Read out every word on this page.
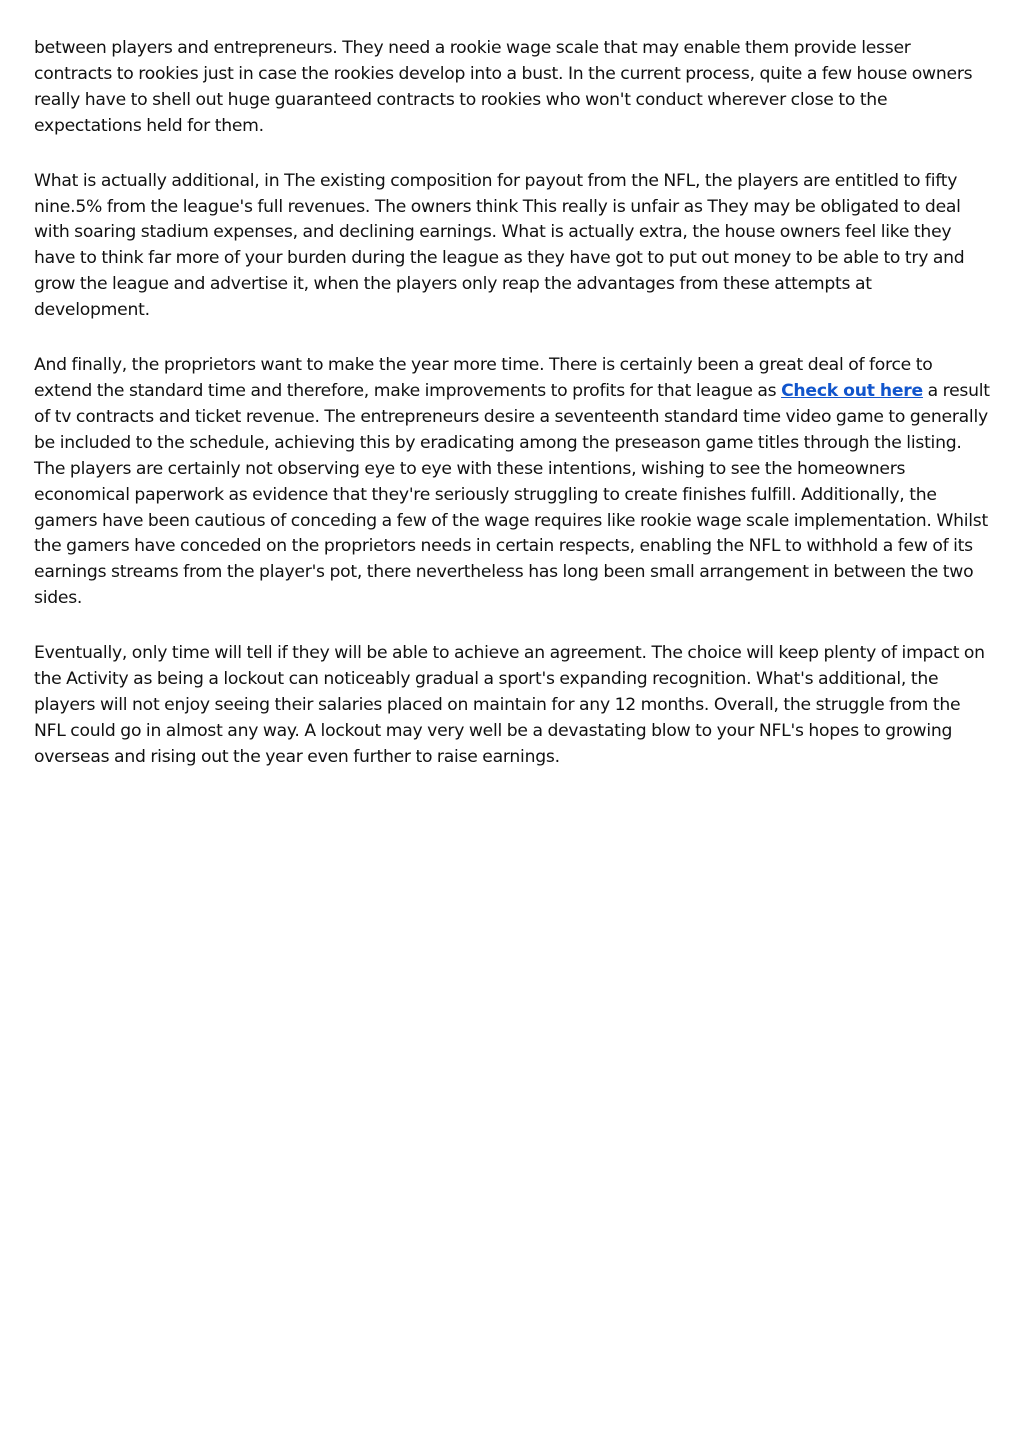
between players and entrepreneurs. They need a rookie wage scale that may enable them provide lesser contracts to rookies just in case the rookies develop into a bust. In the current process, quite a few house owners really have to shell out huge guaranteed contracts to rookies who won't conduct wherever close to the expectations held for them.

What is actually additional, in The existing composition for payout from the NFL, the players are entitled to fifty nine.5% from the league's full revenues. The owners think This really is unfair as They may be obligated to deal with soaring stadium expenses, and declining earnings. What is actually extra, the house owners feel like they have to think far more of your burden during the league as they have got to put out money to be able to try and grow the league and advertise it, when the players only reap the advantages from these attempts at development.

And finally, the proprietors want to make the year more time. There is certainly been a great deal of force to extend the standard time and therefore, make improvements to profits for that league as Check out here a result of tv contracts and ticket revenue. The entrepreneurs desire a seventeenth standard time video game to generally be included to the schedule, achieving this by eradicating among the preseason game titles through the listing. The players are certainly not observing eye to eye with these intentions, wishing to see the homeowners economical paperwork as evidence that they're seriously struggling to create finishes fulfill. Additionally, the gamers have been cautious of conceding a few of the wage requires like rookie wage scale implementation. Whilst the gamers have conceded on the proprietors needs in certain respects, enabling the NFL to withhold a few of its earnings streams from the player's pot, there nevertheless has long been small arrangement in between the two sides.

Eventually, only time will tell if they will be able to achieve an agreement. The choice will keep plenty of impact on the Activity as being a lockout can noticeably gradual a sport's expanding recognition. What's additional, the players will not enjoy seeing their salaries placed on maintain for any 12 months. Overall, the struggle from the NFL could go in almost any way. A lockout may very well be a devastating blow to your NFL's hopes to growing overseas and rising out the year even further to raise earnings.
